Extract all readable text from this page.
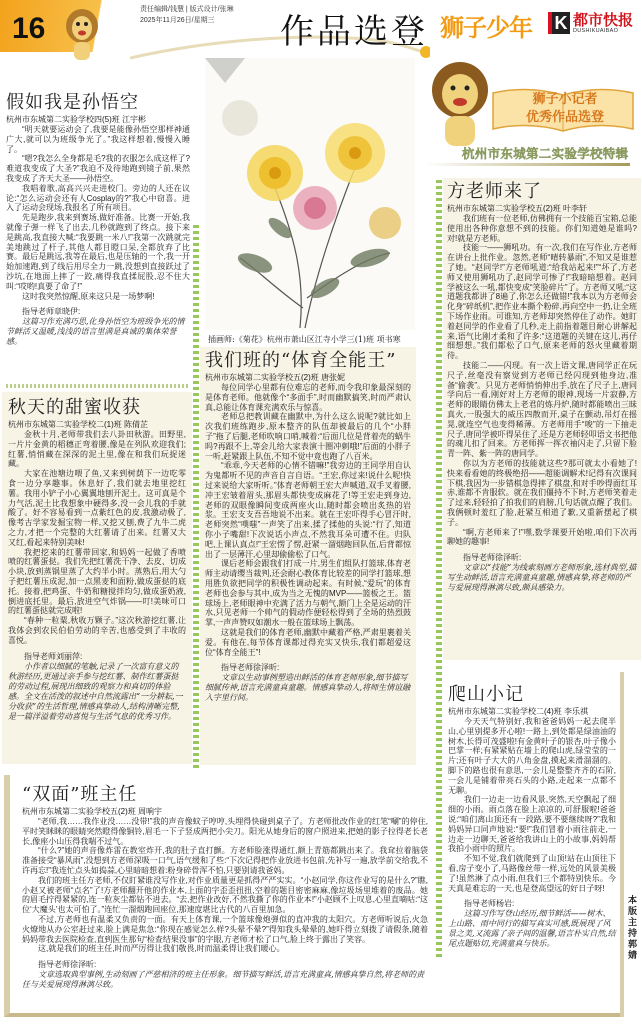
16
责任编辑/钱慧 | 版式设计/张琳
2025年11月26日/星期三	作品选登 狮子少年	K 都市快报
DUSHIKUAIBAO
假如我是孙悟空
杭州市东城第二实验学校四(5)班 江宇彬

“明天就要运动会了,我要是能像孙悟空那样神通广大,就可以为班级争光了。”我这样想着,慢慢入睡了。

“嗯?我怎么全身都是毛?我的衣服怎么成这样了?难道我变成了大圣?”我迫不及待地跑到镜子前,果然我变成了齐天大圣——孙悟空。

我唱着歌,高高兴兴走进校门。旁边的人还在议论:“怎么运动会还有人Cosplay的?”我心中窃喜。进入了运动会现场,我报名了所有项目。

先是跑步,我来到赛场,做好准备。比赛一开始,我就像子弹一样飞了出去,几秒就跑到了终点。接下来是跳高,我直接大喊:“我要跳一米八!”我第一次跳就完美地跳过了杆子,其他人都目瞪口呆,全都放弃了比赛。最后是跳远,我等在最后,也是压轴的一个,我一开始加速跑,到了线后用尽全力一跳,没想到直接跃过了沙坑,在地面上摔了一跤,痛得我直揉屁股,忍不住大叫:“哎哟!真要了命了!”

这时我突然惊醒,原来这只是一场梦啊!

指导老师章晓伊:
这篇习作充满巧思,化身孙悟空为班级争光的情节鲜活又温暖,浅浅的语言里满是真诚的集体荣誉感。
秋天的甜蜜收获
杭州市东城第二实验学校二(1)班 陈倩芷

金秋十月,老师带我们去八卦田秋游。田野里,一片片金黄的稻穗正弯着腰,像是在列队欢迎我们;红薯,悄悄藏在深深的泥土里,像在和我们玩捉迷藏。

大家在池塘边喂了鱼,又来到树荫下一边吃零食一边分享趣事。休息好了,我们就去地里挖红薯。我用小铲子小心翼翼地刨开泥土。这可真是个力气活,泥土比我想象中硬得多,没一会儿我的手就酸了。好不容易看到一点紫红色的皮,我激动极了,像考古学家发掘宝物一样,又挖又刨,费了九牛二虎之力,才把一个完整的大红薯请了出来。红薯又大又红,看起来特别美味!

我把挖来的红薯带回家,和妈妈一起做了香喷喷的红薯蛋挞。我们先把红薯洗干净、去皮、切成小块,放到蒸锅里蒸了大约半小时。蒸熟后,用大勺子把红薯压成泥,加一点黑麦和面粉,做成蛋挞的底托。接着,把鸡蛋、牛奶和糖搅拌均匀,做成蛋奶液,倒进底托里。最后,放进空气炸锅——叮!美味可口的红薯蛋挞就完成啦!

“春种一粒粟,秋收万颗子。”这次秋游挖红薯,让我体会到农民伯伯劳动的辛苦,也感受到了丰收的喜悦。

指导老师刘丽萍:
小作者以细腻的笔触,记录了一次富有意义的秋游经历,更通过亲手参与挖红薯、制作红薯蛋挞的劳动过程,展现出细致的观察力和真切的体验感。全文在活泼的叙述中自然流露出“一分耕耘,一分收获”的生活哲理,情感真挚动人,结构清晰完整,是一篇洋溢着劳动喜悦与生活气息的优秀习作。
插画师:《菊花》杭州市萧山区江寺小学三(1)班 项书寒
我们班的“体育全能王”
杭州市东城第二实验学校五(2)班 唐张妮

每位同学心里都有位难忘的老师,而令我印象最深刻的是体育老师。他就像个“多面手”,时而幽默搞笑,时而严肃认真,总能让体育课充满欢乐与惊喜。

老师总把教训藏在幽默中,为什么这么说呢?就比如上次我们班练跑步,原本整齐的队伍却被最后的几个“小胖子”拖了后腿,老师吹响口哨,喊着:“后面几位是背着壳的蜗牛吗?再跟不上,等会儿给大家表演十圈冲刺哦!”后面的小胖子一听,赶紧跟上队伍,不知不觉中竟也跑了八百米。

“乖乖,今天老师的心情不错嘛!”我旁边的王同学用自认为鬼都听不见的声音自言自语。“王宏,你过来!说什么呢!快过来说给大家听听。”体育老师朝王宏大声喊道,双手叉着腰,冲王宏皱着眉头,那眉头都快变成麻花了!等王宏走到身边,老师的双眼像瞬间变成两座火山,随时都会喷出炙热的岩浆。王宏支支吾吾地说不出来。就在王宏吓得手心冒汗时,老师突然“噗嗤”一声笑了出来,揉了揉他的头说:“行了,知道你小子嘴甜!下次说话小声点,不然我耳朵可遭不住。归队吧,上课认真点!”王宏愣了愣,赶紧一溜烟跑回队伍,后背都惊出了一层薄汗,心里却偷偷松了口气。

课后老师会跟我们打成一片,男生们组队打篮球,体育老师主动请缨当裁判,还会耐心教体育比较差的同学打篮球,想用胜负欲把同学的积极性调动起来。有时候,“爱玩”的体育老师也会参与其中,成为当之无愧的MVP——篮板之王。篮球场上,老师眼神中充满了活力与朝气,额门上全是运动的汗水,只见老师一个帅气的假动作便轻松得到了全场的热烈鼓掌,一声声赞叹如潮水一般在篮球场上飘荡。

这就是我们的体育老师,幽默中藏着严格,严肃里裹着关爱。有他在,每节体育课都过得充实又快乐,我们都超爱这位“体育全能王”!

指导老师徐泽昕:
文章以生动事例塑造出鲜活的体育老师形象,细节描写细腻传神,语言充满童真童趣。情感真挚动人,将师生情谊融入字里行间。
狮子小记者
优秀作品选登
杭州市东城第二实验学校特辑
方老师来了
杭州市东城第二实验学校五(2)班 叶李轩

我们班有一位老师,仿佛拥有一个技能百宝箱,总能使用出各种你意想不到的技能。你们知道她是谁吗?对!就是方老师。

技能一——狮吼功。有一次,我们在写作业,方老师在讲台上批作业。忽然,老师“晴转暴雨”,不知又是谁惹了她。“赵同学!”方老师吼道:“给我站起来!”“坏了,方老师又使用狮吼功了,赵同学可惨了!”我暗暗想着。赵同学被这么一吼,都快变成“笑脸碎片”了。方老师又吼:“这道题我都讲了8遍了,你怎么还做错!”我本以为方老师会化身“碎纸机”,把作业本撕个粉碎,再向空中一扔,让全班下场作业雨。可谁知,方老师却突然停住了动作。她盯着赵同学的作业看了几秒,走上前指着题目耐心讲解起来,语气比刚才柔和了许多:“这道题的关键在这儿,再仔细想想。”我们都松了口气,原来老师的怒火里藏着期待。

技能二——闪现。有一次上语文课,唐同学正在玩尺子,丝毫没有察觉到方老师已经闪现到他身边,准备“偷袭”。只见方老师悄悄伸出手,放在了尺子上,唐同学向后一看,刚好对上方老师的眼神,现场一片寂静,方老师的眼睛仿佛太上老君的炼丹炉,随时都能喷出三昧真火,一股强大的威压四散而开,桌子在颤动,吊灯在摇晃,就连空气也变得稀薄。方老师用手“唆”的一下抽走尺子,唐同学被吓得呆住了,还是方老师轻叩语文书把他的魂儿扣了回来。方老师挥一挥衣袖闪走了,只留下脸青一阵、紫一阵的唐同学。

你以为方老师的技能就这些?那可就太小看她了!快来看看她的终极绝招——超能调解术!记得有次课间下棋,我因为一步错棋急得摔了棋盘,和对手吵得面红耳赤,谁都不肯服软。就在我们僵持不下时,方老师笑着走了过来,轻轻拍了拍我们的肩膀,几句话就点醒了我们。我俩顿时羞红了脸,赶紧互相道了歉,又重新摆起了棋子。

“啊,方老师来了!”嘿,数学课要开始啦,咱们下次再聊她的趣事!

指导老师徐泽昕:
文章以“技能”为线索刻画方老师形象,选材典型,描写生动鲜活,语言充满童真童趣,情感真挚,将老师的严与爱展现得淋漓尽致,颇具感染力。
爬山小记
杭州市东城第二实验学校二(4)班 李乐祺

今天天气特别好,我和爸爸妈妈一起去爬半山,心里别提多开心啦!一路上,到处都是绿油油的树木,长得可茂盛啦!有金黄叶子的银杏,叶子像小巴掌一样;有紧紧贴在墙上的爬山虎,绿莹莹的一片;还有叶子大大的八角金盘,摸起来滑溜溜的。脚下的路也很有意思,一会儿是整整齐齐的石阶,一会儿是铺着带亮石头的小路,走起来一点都不无聊。

我们一边走一边看风景,突然,天空飘起了细细的小雨。雨点落在脸上凉凉的,可舒服啦!爸爸说:“咱们离山顶还有一段路,要不要继续呀?”我和妈妈异口同声地说:“要!”我们冒着小雨往前走,一边走一边聊天,爸爸给我讲山上的小故事,妈妈帮我拍小雨中的照片。

不知不觉,我们就爬到了山顶!站在山顶往下看,房子变小了,马路像丝带一样,远处的风景美极了!虽然淋了点小雨,但我们三个都特别快乐。今天真是难忘的一天,也是登高望远的好日子呀!

指导老师杨岩:
这篇习作写登山经历,细节鲜活——树木、上山路、雨中同行的描写真实可感,既展现了风景之美,又流露了亲子间的温馨,语言朴实自然,结尾点题贴切,充满童真与快乐。
“双面”班主任
杭州市东城第二实验学校五(2)班 周响宇

“老师,我……我作业没……没带!”我的声音像蚊子哼哼,头埋得快碰到桌子了。方老师批改作业的红笔“唰”的停住,平时笑眯眯的眼睛突然瞪得像铜铃,眉毛一下子竖成两把小尖刀。阳光从她身后的窗户照进来,把她的影子拉得老长老长,像座小山压得我喘不过气。

“什么?”她的声音像炸雷在教室炸开,我的肚子直打颤。方老师脸涨得通红,额上青筋都跳出来了。我耷拉着脑袋准备接受“暴风雨”,没想到方老师深吸一口气,语气缓和了些:“下次记得把作业放进书包前,先补写一遍,放学前交给我,不许再忘!”我连忙点头如捣蒜,心里暗暗想着:粉身碎骨浑不怕,只要别请我爸妈。

我们的班主任方老师,不仅盯紧谁没写作业,对作业质量更是抓得严严实实。“小赵同学,你这作业写的是什么?”瞧,小赵又被老师“点名”了!方老师翻开他的作业本,上面的字歪歪扭扭,空着的题目密密麻麻,像垃圾场里堆着的废品。她的眉毛拧得紧紧的,连一粒灰尘都钻不进去。“去,把作业改好,不然我撕了你的作业本!”小赵顾不上叹息,心里直嘀咕:“这位‘大魔头’也太可怕了。”连忙一溜烟跑回座位,那速度堪比古代的八百里加急。

不过,方老师也有温柔又负责的一面。有天上体育课,一个篮球像炮弹似的直冲我的太阳穴。方老师听说后,火急火燎地从办公室赶过来,脸上满是焦急:“你现在感觉怎么样?头晕不晕?”得知我头晕晕的,她吓得立刻拨了请假条,随着妈妈带我去医院检查,直到医生那句“检查结果没事”的字眼,方老师才松了口气,脸上终于露出了笑容。

这,就是我们的班主任,时而严厉得让我们敬畏,时而温柔得让我们暖心。

指导老师徐泽昕:
文章选取典型事例,生动刻画了严慈相济的班主任形象。细节描写鲜活,语言充满童真,情感真挚自然,将老师的责任与关爱展现得淋漓尽致。
本版主持 郭婧
